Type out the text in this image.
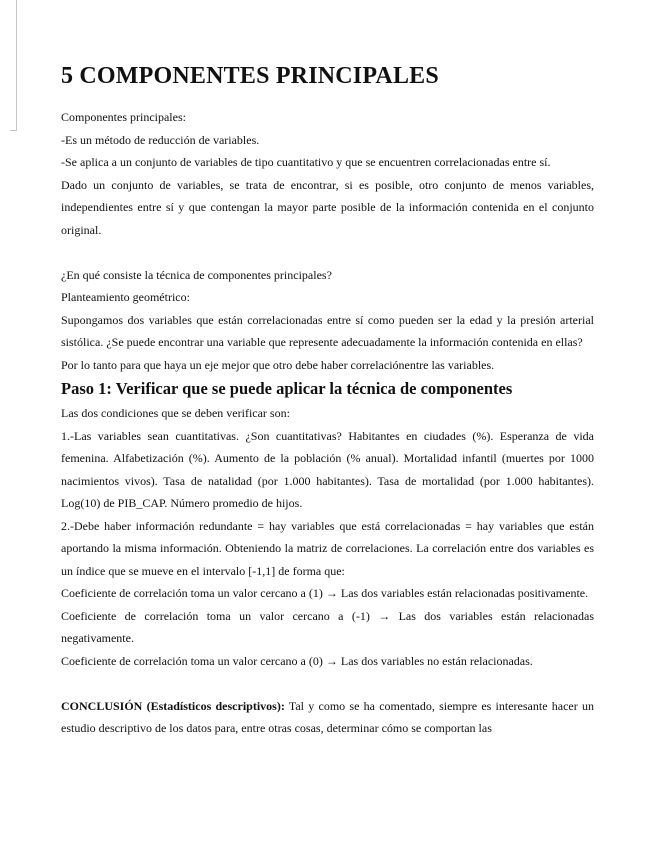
5 COMPONENTES PRINCIPALES

Componentes principales:

-Es un método de reducción de variables.

-Se aplica a un conjunto de variables de tipo cuantitativo y que se encuentren correlacionadas entre sí.

Dado un conjunto de variables, se trata de encontrar, si es posible, otro conjunto de menos variables, independientes entre sí y que contengan la mayor parte posible de la información contenida en el conjunto original.

¿En qué consiste la técnica de componentes principales?

Planteamiento geométrico:

Supongamos dos variables que están correlacionadas entre sí como pueden ser la edad y la presión arterial sistólica. ¿Se puede encontrar una variable que represente adecuadamente la información contenida en ellas?

Por lo tanto para que haya un eje mejor que otro debe haber correlaciónentre las variables.

Paso 1: Verificar que se puede aplicar la técnica de componentes

Las dos condiciones que se deben verificar son:

1.-Las variables sean cuantitativas. ¿Son cuantitativas? Habitantes en ciudades (%). Esperanza de vida femenina. Alfabetización (%). Aumento de la población (% anual). Mortalidad infantil (muertes por 1000 nacimientos vivos). Tasa de natalidad (por 1.000 habitantes). Tasa de mortalidad (por 1.000 habitantes). Log(10) de PIB_CAP. Número promedio de hijos.

2.-Debe haber información redundante = hay variables que está correlacionadas = hay variables que están aportando la misma información. Obteniendo la matriz de correlaciones. La correlación entre dos variables es un índice que se mueve en el intervalo [-1,1] de forma que:

Coeficiente de correlación toma un valor cercano a (1) → Las dos variables están relacionadas positivamente.

Coeficiente de correlación toma un valor cercano a (-1) → Las dos variables están relacionadas negativamente.

Coeficiente de correlación toma un valor cercano a (0) → Las dos variables no están relacionadas.

CONCLUSIÓN (Estadísticos descriptivos): Tal y como se ha comentado, siempre es interesante hacer un estudio descriptivo de los datos para, entre otras cosas, determinar cómo se comportan las
